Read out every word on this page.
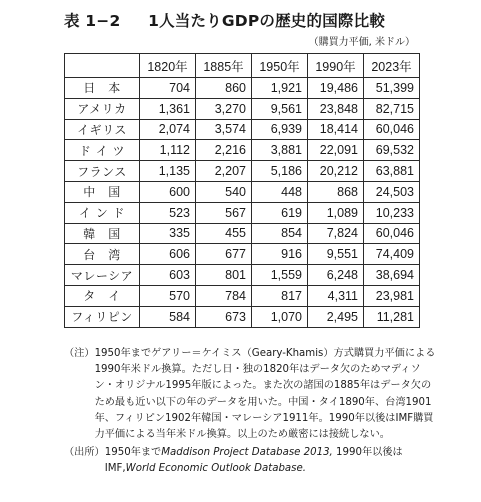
表 1−2 1人当たりGDPの歴史的国際比較
（購買力平価, 米ドル）
	1820年	1885年	1950年	1990年	2023年
日　本	704	860	1,921	19,486	51,399
アメリカ	1,361	3,270	9,561	23,848	82,715
イギリス	2,074	3,574	6,939	18,414	60,046
ド イ ツ	1,112	2,216	3,881	22,091	69,532
フランス	1,135	2,207	5,186	20,212	63,881
中　国	600	540	448	868	24,503
イ ン ド	523	567	619	1,089	10,233
韓　国	335	455	854	7,824	60,046
台　湾	606	677	916	9,551	74,409
マレーシア	603	801	1,559	6,248	38,694
タ　イ	570	784	817	4,311	23,981
フィリピン	584	673	1,070	2,495	11,281
（注） 1950年までゲアリー＝ケイミス（Geary-Khamis）方式購買力平価による1990年米ドル換算。ただし日・独の1820年はデータ欠のためマディソン・オリジナル1995年版によった。また次の諸国の1885年はデータ欠のため最も近い以下の年のデータを用いた。中国・タイ1890年、台湾1901年、フィリピン1902年韓国・マレーシア1911年。1990年以後はIMF購買力平価による当年米ドル換算。以上のため厳密には接続しない。
（出所） 1950年までMaddison Project Database 2013, 1990年以後はIMF,World Economic Outlook Database.
